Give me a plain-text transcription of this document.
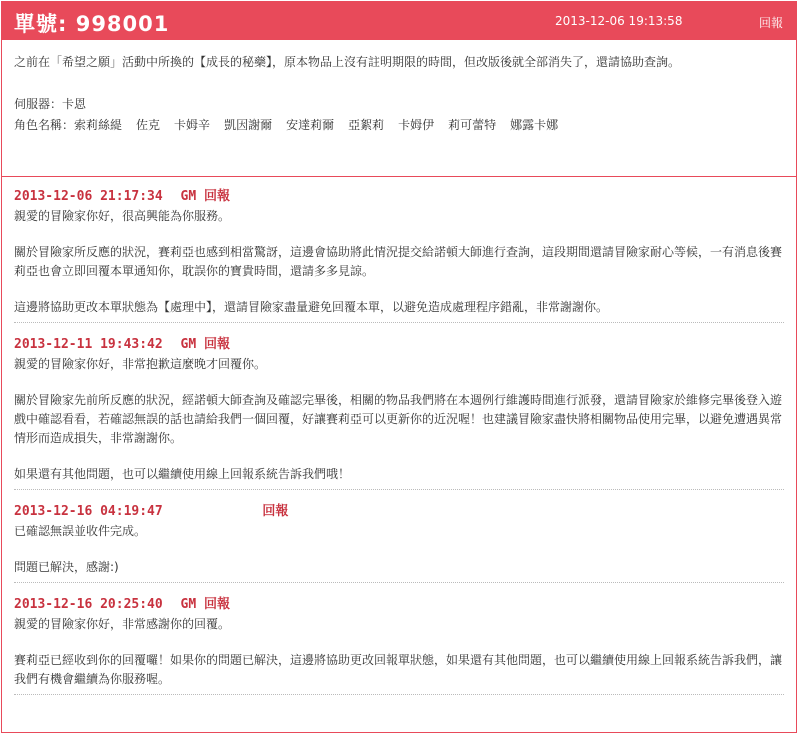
單號: 998001	2013-12-06 19:13:58	回報

之前在「希望之願」活動中所換的【成長的秘藥】，原本物品上沒有註明期限的時間，但改版後就全部消失了，還請協助查詢。

伺服器：卡恩

角色名稱：索莉絲緹 佐克 卡姆辛 凱因謝爾 安達莉爾 亞絮莉 卡姆伊 莉可蕾特 娜露卡娜

2013-12-06 21:17:34 GM 回報

親愛的冒險家你好，很高興能為你服務。

關於冒險家所反應的狀況，賽莉亞也感到相當驚訝，這邊會協助將此情況提交給諾頓大師進行查詢，這段期間還請冒險家耐心等候，一有消息後賽莉亞也會立即回覆本單通知你，耽誤你的寶貴時間，還請多多見諒。

這邊將協助更改本單狀態為【處理中】，還請冒險家盡量避免回覆本單，以避免造成處理程序錯亂，非常謝謝你。

2013-12-11 19:43:42 GM 回報

親愛的冒險家你好，非常抱歉這麼晚才回覆你。

關於冒險家先前所反應的狀況，經諾頓大師查詢及確認完畢後，相關的物品我們將在本週例行維護時間進行派發，還請冒險家於維修完畢後登入遊戲中確認看看，若確認無誤的話也請給我們一個回覆，好讓賽莉亞可以更新你的近況喔！也建議冒險家盡快將相關物品使用完畢，以避免遭遇異常情形而造成損失，非常謝謝你。

如果還有其他問題，也可以繼續使用線上回報系統告訴我們哦！

2013-12-16 04:19:47	回報

已確認無誤並收件完成。

問題已解決，感謝:)

2013-12-16 20:25:40 GM 回報

親愛的冒險家你好，非常感謝你的回覆。

賽莉亞已經收到你的回覆囉！如果你的問題已解決，這邊將協助更改回報單狀態，如果還有其他問題，也可以繼續使用線上回報系統告訴我們，讓我們有機會繼續為你服務喔。
